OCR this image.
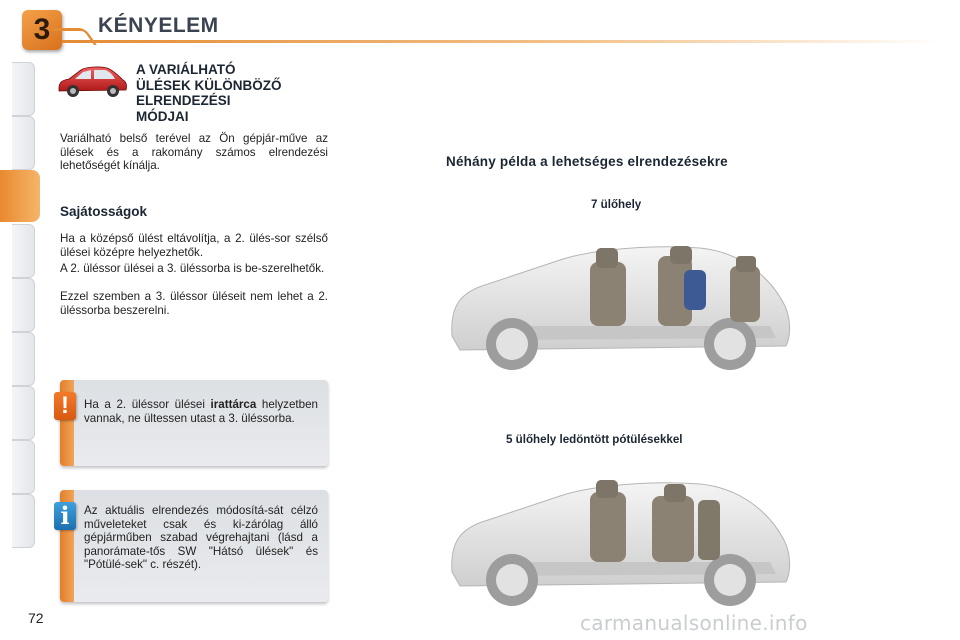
3	KÉNYELEM
A VARIÁLHATÓ
ÜLÉSEK KÜLÖNBÖZŐ
ELRENDEZÉSI
MÓDJAI
Variálható belső terével az Ön gépjár-műve az ülések és a rakomány számos elrendezési lehetőségét kínálja.
Sajátosságok
Ha a középső ülést eltávolítja, a 2. ülés-sor szélső ülései középre helyezhetők.
A 2. üléssor ülései a 3. üléssorba is be-szerelhetők.
Ezzel szemben a 3. üléssor üléseit nem lehet a 2. üléssorba beszerelni.
!	Ha a 2. üléssor ülései irattárca helyzetben vannak, ne ültessen utast a 3. üléssorba.
i	Az aktuális elrendezés módosítá-sát célzó műveleteket csak és ki-zárólag álló gépjárműben szabad végrehajtani (lásd a panorámate-tős SW "Hátsó ülések" és "Pótülé-sek" c. részét).
72
Néhány példa a lehetséges elrendezésekre
7 ülőhely
5 ülőhely ledöntött pótülésekkel
carmanualsonline.info
